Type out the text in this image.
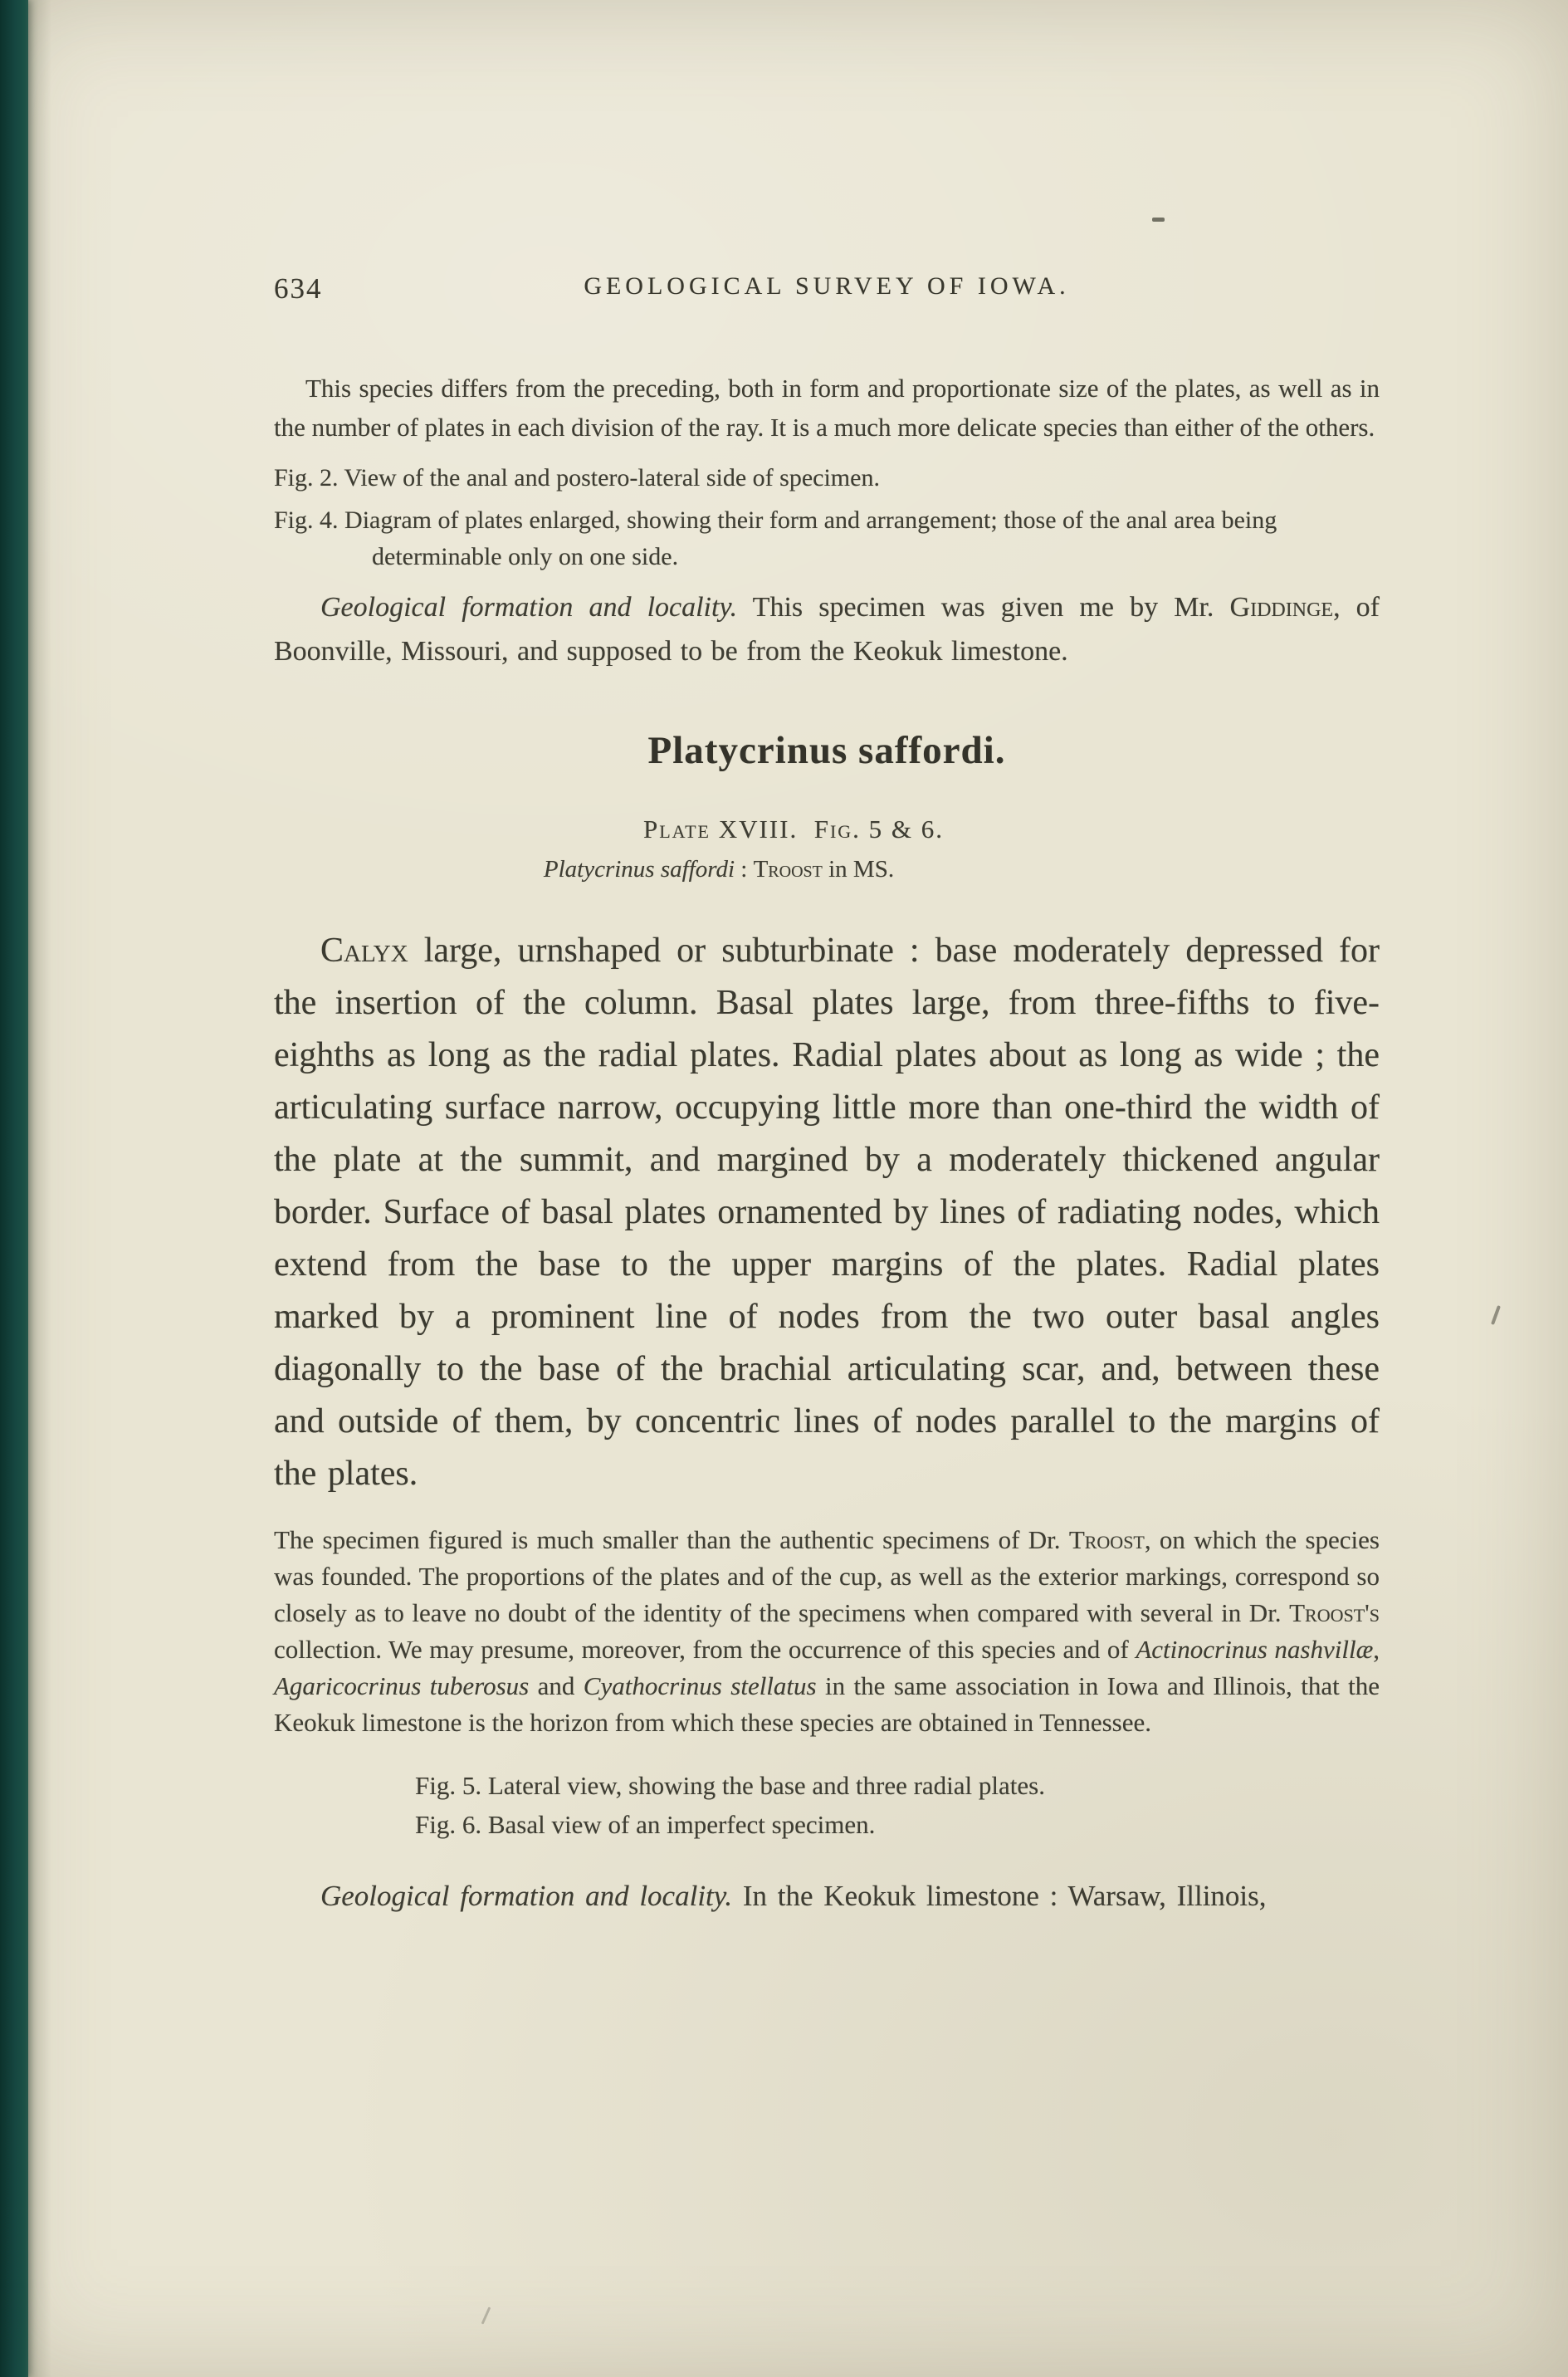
634	GEOLOGICAL SURVEY OF IOWA.

This species differs from the preceding, both in form and proportionate size of the plates, as well as in the number of plates in each division of the ray. It is a much more delicate species than either of the others.

Fig. 2. View of the anal and postero-lateral side of specimen.
Fig. 4. Diagram of plates enlarged, showing their form and arrangement; those of the anal area being determinable only on one side.

Geological formation and locality. This specimen was given me by Mr. Giddinge, of Boonville, Missouri, and supposed to be from the Keokuk limestone.

Platycrinus saffordi.
Plate XVIII.  Fig. 5 & 6.
Platycrinus saffordi : Troost in MS.

Calyx large, urnshaped or subturbinate : base moderately depressed for the insertion of the column. Basal plates large, from three-fifths to five-eighths as long as the radial plates. Radial plates about as long as wide ; the articulating surface narrow, occupying little more than one-third the width of the plate at the summit, and margined by a moderately thickened angular border. Surface of basal plates ornamented by lines of radiating nodes, which extend from the base to the upper margins of the plates. Radial plates marked by a prominent line of nodes from the two outer basal angles diagonally to the base of the brachial articulating scar, and, between these and outside of them, by concentric lines of nodes parallel to the margins of the plates.

The specimen figured is much smaller than the authentic specimens of Dr. Troost, on which the species was founded. The proportions of the plates and of the cup, as well as the exterior markings, correspond so closely as to leave no doubt of the identity of the specimens when compared with several in Dr. Troost's collection. We may presume, moreover, from the occurrence of this species and of Actinocrinus nashvillæ, Agaricocrinus tuberosus and Cyathocrinus stellatus in the same association in Iowa and Illinois, that the Keokuk limestone is the horizon from which these species are obtained in Tennessee.

Fig. 5. Lateral view, showing the base and three radial plates.
Fig. 6. Basal view of an imperfect specimen.

Geological formation and locality. In the Keokuk limestone : Warsaw, Illinois,
